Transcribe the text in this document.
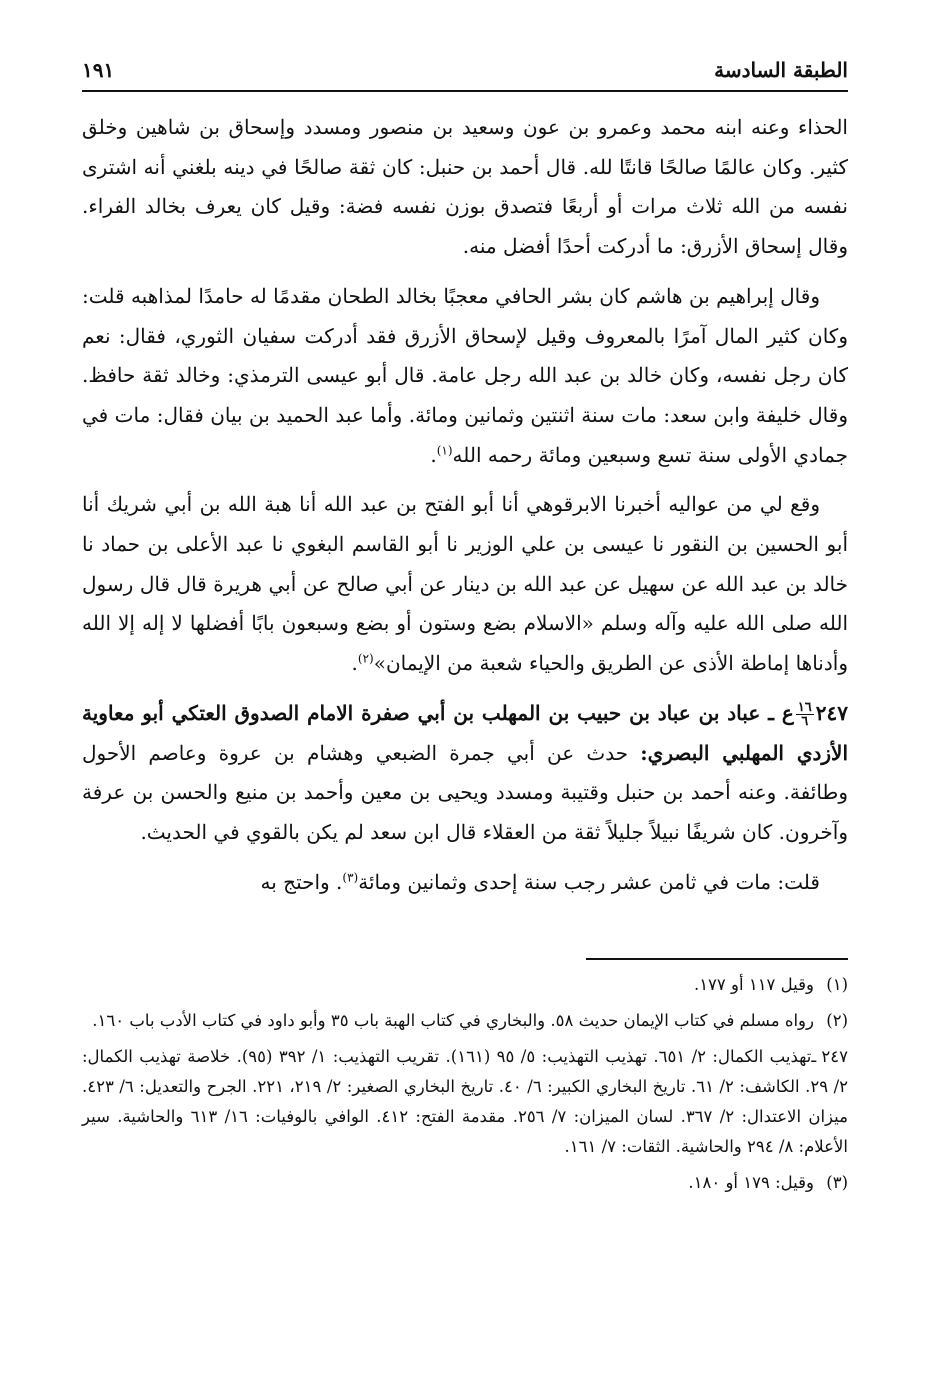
الطبقة السادسة
١٩١

الحذاء وعنه ابنه محمد وعمرو بن عون وسعيد بن منصور ومسدد وإسحاق بن شاهين وخلق كثير. وكان عالمًا صالحًا قانتًا لله. قال أحمد بن حنبل: كان ثقة صالحًا في دينه بلغني أنه اشترى نفسه من الله ثلاث مرات أو أربعًا فتصدق بوزن نفسه فضة: وقيل كان يعرف بخالد الفراء. وقال إسحاق الأزرق: ما أدركت أحدًا أفضل منه.

وقال إبراهيم بن هاشم كان بشر الحافي معجبًا بخالد الطحان مقدمًا له حامدًا لمذاهبه قلت: وكان كثير المال آمرًا بالمعروف وقيل لإسحاق الأزرق فقد أدركت سفيان الثوري، فقال: نعم كان رجل نفسه، وكان خالد بن عبد الله رجل عامة. قال أبو عيسى الترمذي: وخالد ثقة حافظ. وقال خليفة وابن سعد: مات سنة اثنتين وثمانين ومائة. وأما عبد الحميد بن بيان فقال: مات في جمادي الأولى سنة تسع وسبعين ومائة رحمه الله$^{(١)}$.

وقع لي من عواليه أخبرنا الابرقوهي أنا أبو الفتح بن عبد الله أنا هبة الله بن أبي شريك أنا أبو الحسين بن النقور نا عيسى بن علي الوزير نا أبو القاسم البغوي نا عبد الأعلى بن حماد نا خالد بن عبد الله عن سهيل عن عبد الله بن دينار عن أبي صالح عن أبي هريرة قال قال رسول الله صلى الله عليه وآله وسلم «الاسلام بضع وستون أو بضع وسبعون بابًا أفضلها لا إله إلا الله وأدناها إماطة الأذى عن الطريق والحياء شعبة من الإيمان»$^{(٢)}$.

٢٤٧
$\frac{١٦}{٦}$
ع ـ عباد بن عباد بن حبيب بن المهلب بن أبي صفرة الامام الصدوق العتكي أبو معاوية الأزدي المهلبي البصري: حدث عن أبي جمرة الضبعي وهشام بن عروة وعاصم الأحول وطائفة. وعنه أحمد بن حنبل وقتيبة ومسدد ويحيى بن معين وأحمد بن منيع والحسن بن عرفة وآخرون. كان شريفًا نبيلاً جليلاً ثقة من العقلاء قال ابن سعد لم يكن بالقوي في الحديث.

قلت: مات في ثامن عشر رجب سنة إحدى وثمانين ومائة$^{(٣)}$. واحتج به

(١)وقيل ١١٧ أو ١٧٧.

(٢)رواه مسلم في كتاب الإيمان حديث ٥٨. والبخاري في كتاب الهبة باب ٣٥ وأبو داود في كتاب الأدب باب ١٦٠.

٢٤٧ ـتهذيب الكمال: ٢/ ٦٥١. تهذيب التهذيب: ٥/ ٩٥ (١٦١). تقريب التهذيب: ١/ ٣٩٢ (٩٥). خلاصة تهذيب الكمال: ٢/ ٢٩. الكاشف: ٢/ ٦١. تاريخ البخاري الكبير: ٦/ ٤٠. تاريخ البخاري الصغير: ٢/ ٢١٩، ٢٢١. الجرح والتعديل: ٦/ ٤٢٣. ميزان الاعتدال: ٢/ ٣٦٧. لسان الميزان: ٧/ ٢٥٦. مقدمة الفتح: ٤١٢. الوافي بالوفيات: ١٦/ ٦١٣ والحاشية. سير الأعلام: ٨/ ٢٩٤ والحاشية. الثقات: ٧/ ١٦١.

(٣)وقيل: ١٧٩ أو ١٨٠.
